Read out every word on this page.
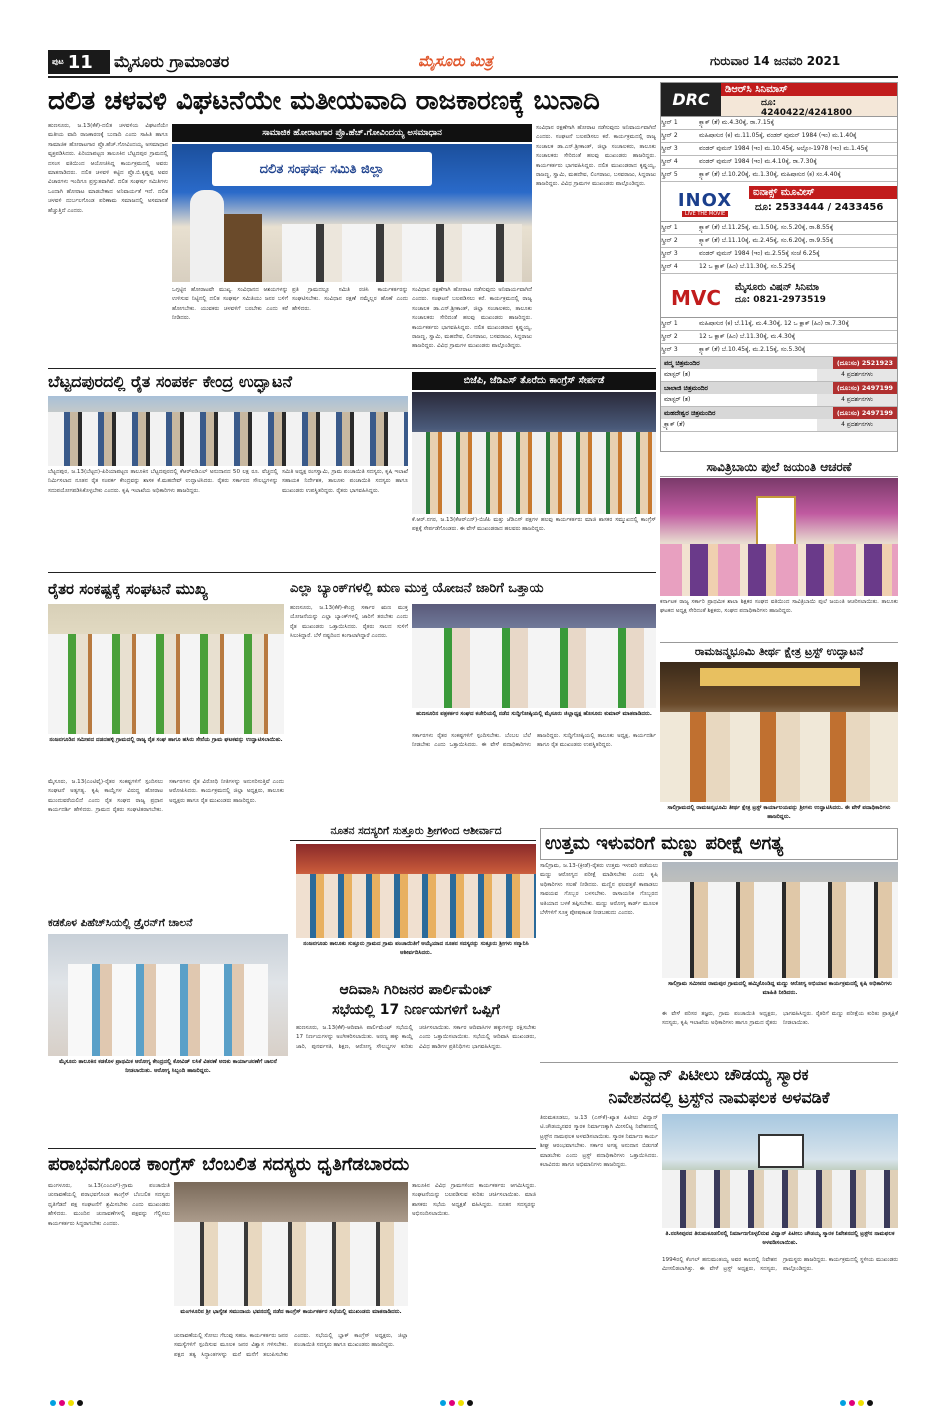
ಪುಟ 11 ಮೈಸೂರು ಗ್ರಾಮಾಂತರ	ಮೈಸೂರು ಮಿತ್ರ	ಗುರುವಾರ 14 ಜನವರಿ 2021
ದಲಿತ ಚಳವಳಿ ವಿಘಟನೆಯೇ ಮತೀಯವಾದಿ ರಾಜಕಾರಣಕ್ಕೆ ಬುನಾದಿ
ಸಾಮಾಜಿಕ ಹೋರಾಟಗಾರ ಪ್ರೊ.ಹೆಚ್.ಗೋವಿಂದಯ್ಯ ಅಸಮಾಧಾನ
ಹುಣಸೂರು, ಜ.13(ಕೆಕೆ)-ದಲಿತ ಚಳವಳಿಯ ವಿಘಟನೆಯೇ ಮತೀಯ ವಾದಿ ರಾಜಕಾರಣಕ್ಕೆ ಬುನಾದಿ ಎಂದು ಸಾಹಿತಿ ಹಾಗೂ ಸಾಮಾಜಿಕ ಹೋರಾಟಗಾರ ಪ್ರೊ.ಹೆಚ್.ಗೋವಿಂದಯ್ಯ ಅಸಮಾಧಾನ ವ್ಯಕ್ತಪಡಿಸಿದರು. ಪಿರಿಯಾಪಟ್ಟಣ ತಾಲೂಕಿನ ಬೆಟ್ಟದಪುರ ಗ್ರಾಮದಲ್ಲಿ ದಸಂಸ ವತಿಯಿಂದ ಆಯೋಜಿಸಿದ್ದ ಕಾರ್ಯಕ್ರಮದಲ್ಲಿ ಅವರು ಮಾತನಾಡಿದರು. ದಲಿತ ಚಳವಳಿ ಕಟ್ಟಿದ ಪ್ರೊ.ಬಿ.ಕೃಷ್ಣಪ್ಪ ಅವರ ವಿಚಾರಗಳು ಇಂದಿಗೂ ಪ್ರಸ್ತುತವಾಗಿವೆ. ದಲಿತ ಸಂಘರ್ಷ ಸಮಿತಿಗಳು ಒಂದಾಗಿ ಹೋರಾಟ ಮಾಡಬೇಕಾದ ಅನಿವಾರ್ಯತೆ ಇದೆ. ದಲಿತ ಚಳವಳಿ ದುರ್ಬಲಗೊಂಡ ಪರಿಣಾಮ ಸಮಾಜದಲ್ಲಿ ಅಸಮಾನತೆ ಹೆಚ್ಚುತ್ತಿದೆ ಎಂದರು.
ದಲಿತ ಸಂಘರ್ಷ ಸಮಿತಿ ಜಿಲ್ಲಾ
ಒಗ್ಗಟ್ಟಿನ ಹೋರಾಟವೇ ಮುಖ್ಯ. ಸಂವಿಧಾನದ ಆಶಯಗಳನ್ನು ಉಳಿಸುವ ನಿಟ್ಟಿನಲ್ಲಿ ದಲಿತ ಸಂಘರ್ಷ ಸಮಿತಿಯು ಜನರ ಬಳಿಗೆ ಹೋಗಬೇಕು. ಯುವಕರು ಚಳವಳಿಗೆ ಬರಬೇಕು ಎಂದು ಕರೆ ನೀಡಿದರು.
ಪ್ರತಿ ಗ್ರಾಮದಲ್ಲೂ ಸಮಿತಿ ರಚಿಸಿ ಕಾರ್ಯಕರ್ತರನ್ನು ಸಂಘಟಿಸಬೇಕು. ಸಂವಿಧಾನ ರಕ್ಷಣೆ ನಮ್ಮೆಲ್ಲರ ಹೊಣೆ ಎಂದು ಹೇಳಿದರು.
ಸಂವಿಧಾನ ರಕ್ಷಣೆಗಾಗಿ ಹೋರಾಟ ನಡೆಸುವುದು ಅನಿವಾರ್ಯವಾಗಿದೆ ಎಂದರು. ಸಂಘಟನೆ ಬಲಪಡಿಸಲು ಕರೆ. ಕಾರ್ಯಕ್ರಮದಲ್ಲಿ ರಾಜ್ಯ ಸಂಚಾಲಕ ಡಾ.ಎನ್.ಶ್ರೀಕಾಂತ್, ಜಿಲ್ಲಾ ಸಂಚಾಲಕರು, ತಾಲೂಕು ಸಂಚಾಲಕರು ಸೇರಿದಂತೆ ಹಲವು ಮುಖಂಡರು ಹಾಜರಿದ್ದರು. ಕಾರ್ಯಕರ್ತರು ಭಾಗವಹಿಸಿದ್ದರು. ದಲಿತ ಮುಖಂಡರಾದ ಕೃಷ್ಣಯ್ಯ, ರಾಜಣ್ಣ, ಸ್ವಾಮಿ, ಮಹದೇವ, ಲಿಂಗರಾಜು, ಬಸವರಾಜು, ಸಿದ್ದರಾಜು ಹಾಜರಿದ್ದರು. ವಿವಿಧ ಗ್ರಾಮಗಳ ಮುಖಂಡರು ಪಾಲ್ಗೊಂಡಿದ್ದರು.
ಸಂವಿಧಾನ ರಕ್ಷಣೆಗಾಗಿ ಹೋರಾಟ ನಡೆಸುವುದು ಅನಿವಾರ್ಯವಾಗಿದೆ ಎಂದರು. ಸಂಘಟನೆ ಬಲಪಡಿಸಲು ಕರೆ. ಕಾರ್ಯಕ್ರಮದಲ್ಲಿ ರಾಜ್ಯ ಸಂಚಾಲಕ ಡಾ.ಎನ್.ಶ್ರೀಕಾಂತ್, ಜಿಲ್ಲಾ ಸಂಚಾಲಕರು, ತಾಲೂಕು ಸಂಚಾಲಕರು ಸೇರಿದಂತೆ ಹಲವು ಮುಖಂಡರು ಹಾಜರಿದ್ದರು. ಕಾರ್ಯಕರ್ತರು ಭಾಗವಹಿಸಿದ್ದರು. ದಲಿತ ಮುಖಂಡರಾದ ಕೃಷ್ಣಯ್ಯ, ರಾಜಣ್ಣ, ಸ್ವಾಮಿ, ಮಹದೇವ, ಲಿಂಗರಾಜು, ಬಸವರಾಜು, ಸಿದ್ದರಾಜು ಹಾಜರಿದ್ದರು. ವಿವಿಧ ಗ್ರಾಮಗಳ ಮುಖಂಡರು ಪಾಲ್ಗೊಂಡಿದ್ದರು.
DRC
ಡಿಆರ್‌ಸಿ ಸಿನಿಮಾಸ್
ದೂ: 4240422/4241800
ಸ್ಕ್ರೀನ್ 1	ಕ್ರ್ಯಾಕ್ (ತೆ) ಮ.4.30ಕ್ಕೆ, ರಾ.7.15ಕ್ಕೆ
ಸ್ಕ್ರೀನ್ 2	ಮಹಿಷಾಸುರ (ಕ) ಮ.11.05ಕ್ಕೆ, ವಂಡರ್ ವುಮನ್ 1984 (ಇಂ) ಮ.1.40ಕ್ಕೆ
ಸ್ಕ್ರೀನ್ 3	ವಂಡರ್ ವುಮನ್ 1984 (ಇಂ) ಮ.10.45ಕ್ಕೆ, ಅಲ್ಲೋ-1978 (ಇಂ) ಮ.1.45ಕ್ಕೆ
ಸ್ಕ್ರೀನ್ 4	ವಂಡರ್ ವುಮನ್ 1984 (ಇಂ) ಮ.4.10ಕ್ಕೆ, ರಾ.7.30ಕ್ಕೆ
ಸ್ಕ್ರೀನ್ 5	ಕ್ರ್ಯಾಕ್ (ತೆ) ಬೆ.10.20ಕ್ಕೆ, ಮ.1.30ಕ್ಕೆ, ಮಹಿಷಾಸುರ (ಕ) ಸಂ.4.40ಕ್ಕೆ
INOX
LIVE THE MOVIE
ಐನಾಕ್ಸ್ ಮೂವೀಸ್
ದೂ: 2533444 / 2433456
ಸ್ಕ್ರೀನ್ 1	ಕ್ರ್ಯಾಕ್ (ತೆ) ಬೆ.11.25ಕ್ಕೆ, ಮ.1.50ಕ್ಕೆ, ಸಂ.5.20ಕ್ಕೆ, ರಾ.8.55ಕ್ಕೆ
ಸ್ಕ್ರೀನ್ 2	ಕ್ರ್ಯಾಕ್ (ತೆ) ಬೆ.11.10ಕ್ಕೆ, ಮ.2.45ಕ್ಕೆ, ಸಂ.6.20ಕ್ಕೆ, ರಾ.9.55ಕ್ಕೆ
ಸ್ಕ್ರೀನ್ 3	ವಂಡರ್ ವುಮನ್ 1984 (ಇಂ) ಮ.2.55ಕ್ಕೆ ಸಂಜೆ 6.25ಕ್ಕೆ
ಸ್ಕ್ರೀನ್ 4	12 ಒ ಕ್ಲಾಕ್ (ಹಿಂ) ಬೆ.11.30ಕ್ಕೆ, ಸಂ.5.25ಕ್ಕೆ
MVC	ಮೈಸೂರು ವಿಷನ್ ಸಿನಿಮಾ
ದೂ: 0821-2973519
ಸ್ಕ್ರೀನ್ 1	ಮಹಿಷಾಸುರ (ಕ) ಬೆ.11ಕ್ಕೆ, ಮ.4.30ಕ್ಕೆ, 12 ಒ ಕ್ಲಾಕ್ (ಹಿಂ) ರಾ.7.30ಕ್ಕೆ
ಸ್ಕ್ರೀನ್ 2	12 ಒ ಕ್ಲಾಕ್ (ಹಿಂ) ಬೆ.11.30ಕ್ಕೆ, ಮ.4.30ಕ್ಕೆ
ಸ್ಕ್ರೀನ್ 3	ಕ್ರ್ಯಾಕ್ (ತೆ) ಬೆ.10.45ಕ್ಕೆ, ಮ.2.15ಕ್ಕೆ, ಸಂ.5.30ಕ್ಕೆ
ಪದ್ಮ ಚಿತ್ರಮಂದಿರ	(ದೂ:ಸಂ) 2521923
ಮಾಸ್ಟರ್ (ತ)	4 ಪ್ರದರ್ಶನಗಳು
ಬಾಲಾಜಿ ಚಿತ್ರಮಂದಿರ	(ದೂ:ಸಂ) 2497199
ಮಾಸ್ಟರ್ (ತ)	4 ಪ್ರದರ್ಶನಗಳು
ಮಹದೇಶ್ವರ ಚಿತ್ರಮಂದಿರ	(ದೂ:ಸಂ) 2497199
ಕ್ರ್ಯಾಕ್ (ತೆ)	4 ಪ್ರದರ್ಶನಗಳು
ಸಾವಿತ್ರಿಬಾಯಿ ಪುಲೆ ಜಯಂತಿ ಆಚರಣೆ
ಕರ್ನಾಟಕ ರಾಜ್ಯ ಸರ್ಕಾರಿ ಪ್ರಾಥಮಿಕ ಶಾಲಾ ಶಿಕ್ಷಕರ ಸಂಘದ ವತಿಯಿಂದ ಸಾವಿತ್ರಿಬಾಯಿ ಪುಲೆ ಜಯಂತಿ ಆಚರಿಸಲಾಯಿತು. ತಾಲೂಕು ಘಟಕದ ಅಧ್ಯಕ್ಷ ಸೇರಿದಂತೆ ಶಿಕ್ಷಕರು, ಸಂಘದ ಪದಾಧಿಕಾರಿಗಳು ಹಾಜರಿದ್ದರು.
ರಾಮಜನ್ಮಭೂಮಿ ತೀರ್ಥ ಕ್ಷೇತ್ರ ಟ್ರಸ್ಟ್ ಉದ್ಘಾಟನೆ
ಸಾಲಿಗ್ರಾಮದಲ್ಲಿ ರಾಮಜನ್ಮಭೂಮಿ ತೀರ್ಥ ಕ್ಷೇತ್ರ ಟ್ರಸ್ಟ್ ಕಾರ್ಯಾಲಯವನ್ನು ಶ್ರೀಗಳು ಉದ್ಘಾಟಿಸಿದರು. ಈ ವೇಳೆ ಪದಾಧಿಕಾರಿಗಳು ಹಾಜರಿದ್ದರು.
ಬೆಟ್ಟದಪುರದಲ್ಲಿ ರೈತ ಸಂಪರ್ಕ ಕೇಂದ್ರ ಉದ್ಘಾಟನೆ
ಬೆಟ್ಟದಪುರ, ಜ.13(ಬೆಟ್ಟದ)-ಪಿರಿಯಾಪಟ್ಟಣ ತಾಲೂಕಿನ ಬೆಟ್ಟದಪುರದಲ್ಲಿ ಕೆಆರ್‌ಐಡಿಎಲ್ ಅನುದಾನದ 50 ಲಕ್ಷ ರೂ. ವೆಚ್ಚದಲ್ಲಿ ನಿರ್ಮಿಸಲಾದ ನೂತನ ರೈತ ಸಂಪರ್ಕ ಕೇಂದ್ರವನ್ನು ಶಾಸಕ ಕೆ.ಮಹದೇವ್ ಉದ್ಘಾಟಿಸಿದರು. ರೈತರು ಸರ್ಕಾರದ ಸೌಲಭ್ಯಗಳನ್ನು ಸದುಪಯೋಗಪಡಿಸಿಕೊಳ್ಳಬೇಕು ಎಂದರು. ಕೃಷಿ ಇಲಾಖೆಯ ಅಧಿಕಾರಿಗಳು ಹಾಜರಿದ್ದರು.
ಸಮಿತಿ ಅಧ್ಯಕ್ಷ ರಂಗಸ್ವಾಮಿ, ಗ್ರಾಮ ಪಂಚಾಯಿತಿ ಸದಸ್ಯರು, ಕೃಷಿ ಇಲಾಖೆ ಸಹಾಯಕ ನಿರ್ದೇಶಕ, ತಾಲೂಕು ಪಂಚಾಯಿತಿ ಸದಸ್ಯರು ಹಾಗೂ ಮುಖಂಡರು ಉಪಸ್ಥಿತರಿದ್ದರು. ರೈತರು ಭಾಗವಹಿಸಿದ್ದರು.
ಬಿಜೆಪಿ, ಜೆಡಿಎಸ್ ತೊರೆದು ಕಾಂಗ್ರೆಸ್ ಸೇರ್ಪಡೆ
ಕೆ.ಆರ್.ನಗರ, ಜ.13(ಕೆಆರ್‌ಎನ್)-ಬಿಜೆಪಿ ಮತ್ತು ಜೆಡಿಎಸ್ ಪಕ್ಷಗಳ ಹಲವು ಕಾರ್ಯಕರ್ತರು ಮಾಜಿ ಶಾಸಕರ ಸಮ್ಮುಖದಲ್ಲಿ ಕಾಂಗ್ರೆಸ್ ಪಕ್ಷಕ್ಕೆ ಸೇರ್ಪಡೆಗೊಂಡರು. ಈ ವೇಳೆ ಮುಖಂಡರಾದ ಹಲವರು ಹಾಜರಿದ್ದರು.
ರೈತರ ಸಂಕಷ್ಟಕ್ಕೆ ಸಂಘಟನೆ ಮುಖ್ಯ
ನಂಜನಗೂಡಿನ ಸಮೀಪದ ದಡದಹಳ್ಳಿ ಗ್ರಾಮದಲ್ಲಿ ರಾಜ್ಯ ರೈತ ಸಂಘ ಹಾಗೂ ಹಸಿರು ಸೇನೆಯ ಗ್ರಾಮ ಘಟಕವನ್ನು ಉದ್ಘಾಟಿಸಲಾಯಿತು.
ಮೈಸೂರು, ಜ.13(ಎಂಟಿವೈ)-ರೈತರ ಸಂಕಷ್ಟಗಳಿಗೆ ಸ್ಪಂದಿಸಲು ಸಂಘಟನೆ ಅತ್ಯಗತ್ಯ. ಕೃಷಿ ಕಾಯ್ದೆಗಳ ವಿರುದ್ಧ ಹೋರಾಟ ಮುಂದುವರೆಯಲಿದೆ ಎಂದು ರೈತ ಸಂಘದ ರಾಜ್ಯ ಪ್ರಧಾನ ಕಾರ್ಯದರ್ಶಿ ಹೇಳಿದರು. ಗ್ರಾಮದ ರೈತರು ಸಂಘಟಿತರಾಗಬೇಕು. ಸರ್ಕಾರಗಳು ರೈತ ವಿರೋಧಿ ನೀತಿಗಳನ್ನು ಅನುಸರಿಸುತ್ತಿವೆ ಎಂದು ಆರೋಪಿಸಿದರು. ಕಾರ್ಯಕ್ರಮದಲ್ಲಿ ಜಿಲ್ಲಾ ಅಧ್ಯಕ್ಷರು, ತಾಲೂಕು ಅಧ್ಯಕ್ಷರು ಹಾಗೂ ರೈತ ಮುಖಂಡರು ಹಾಜರಿದ್ದರು.
ಎಲ್ಲಾ ಬ್ಯಾಂಕ್‌ಗಳಲ್ಲಿ ಋಣ ಮುಕ್ತ ಯೋಜನೆ ಜಾರಿಗೆ ಒತ್ತಾಯ
ಹುಣಸೂರು, ಜ.13(ಕೆಕೆ)-ಕೇಂದ್ರ ಸರ್ಕಾರ ಋಣ ಮುಕ್ತ ಯೋಜನೆಯನ್ನು ಎಲ್ಲಾ ಬ್ಯಾಂಕ್‌ಗಳಲ್ಲಿ ಜಾರಿಗೆ ತರಬೇಕು ಎಂದು ರೈತ ಮುಖಂಡರು ಒತ್ತಾಯಿಸಿದರು. ರೈತರು ಸಾಲದ ಸುಳಿಗೆ ಸಿಲುಕಿದ್ದಾರೆ. ಬೆಳೆ ನಷ್ಟದಿಂದ ಕಂಗಾಲಾಗಿದ್ದಾರೆ ಎಂದರು.
ಹುಣಸೂರಿನ ಪತ್ರಕರ್ತರ ಸಂಘದ ಕಚೇರಿಯಲ್ಲಿ ನಡೆದ ಸುದ್ದಿಗೋಷ್ಠಿಯಲ್ಲಿ ಮೈಸೂರು ಜಿಲ್ಲಾಧ್ಯಕ್ಷ ಹೊಸೂರು ಕುಮಾರ್ ಮಾತನಾಡಿದರು.
ಸರ್ಕಾರಗಳು ರೈತರ ಸಂಕಷ್ಟಗಳಿಗೆ ಸ್ಪಂದಿಸಬೇಕು. ಬೆಂಬಲ ಬೆಲೆ ನೀಡಬೇಕು ಎಂದು ಒತ್ತಾಯಿಸಿದರು. ಈ ವೇಳೆ ಪದಾಧಿಕಾರಿಗಳು ಹಾಜರಿದ್ದರು. ಸುದ್ದಿಗೋಷ್ಠಿಯಲ್ಲಿ ತಾಲೂಕು ಅಧ್ಯಕ್ಷ, ಕಾರ್ಯದರ್ಶಿ ಹಾಗೂ ರೈತ ಮುಖಂಡರು ಉಪಸ್ಥಿತರಿದ್ದರು.
ನೂತನ ಸದಸ್ಯರಿಗೆ ಸುತ್ತೂರು ಶ್ರೀಗಳಿಂದ ಆಶೀರ್ವಾದ
ನಂಜನಗೂಡು ತಾಲೂಕು ಸುತ್ತೂರು ಗ್ರಾಮದ ಗ್ರಾಮ ಪಂಚಾಯಿತಿಗೆ ಆಯ್ಕೆಯಾದ ನೂತನ ಸದಸ್ಯರನ್ನು ಸುತ್ತೂರು ಶ್ರೀಗಳು ಸನ್ಮಾನಿಸಿ ಆಶೀರ್ವದಿಸಿದರು.
ಆದಿವಾಸಿ ಗಿರಿಜನರ ಪಾರ್ಲಿಮೆಂಟ್
ಸಭೆಯಲ್ಲಿ 17 ನಿರ್ಣಯಗಳಿಗೆ ಒಪ್ಪಿಗೆ
ಹುಣಸೂರು, ಜ.13(ಕೆಕೆ)-ಆದಿವಾಸಿ ಪಾರ್ಲಿಮೆಂಟ್ ಸಭೆಯಲ್ಲಿ 17 ನಿರ್ಣಯಗಳನ್ನು ಅಂಗೀಕರಿಸಲಾಯಿತು. ಅರಣ್ಯ ಹಕ್ಕು ಕಾಯ್ದೆ ಜಾರಿ, ಪುನರ್ವಸತಿ, ಶಿಕ್ಷಣ, ಆರೋಗ್ಯ ಸೌಲಭ್ಯಗಳ ಕುರಿತು ಚರ್ಚಿಸಲಾಯಿತು. ಸರ್ಕಾರ ಆದಿವಾಸಿಗಳ ಹಕ್ಕುಗಳನ್ನು ರಕ್ಷಿಸಬೇಕು ಎಂದು ಒತ್ತಾಯಿಸಲಾಯಿತು. ಸಭೆಯಲ್ಲಿ ಆದಿವಾಸಿ ಮುಖಂಡರು, ವಿವಿಧ ಹಾಡಿಗಳ ಪ್ರತಿನಿಧಿಗಳು ಭಾಗವಹಿಸಿದ್ದರು.
ಕಡಕೊಳ ಪಿಹೆಚ್‌ಸಿಯಲ್ಲಿ ಡ್ರೈರನ್‌ಗೆ ಚಾಲನೆ
ಮೈಸೂರು ತಾಲೂಕಿನ ಕಡಕೊಳ ಪ್ರಾಥಮಿಕ ಆರೋಗ್ಯ ಕೇಂದ್ರದಲ್ಲಿ ಕೋವಿಡ್ ಲಸಿಕೆ ವಿತರಣೆ ಅಣಕು ಕಾರ್ಯಾಚರಣೆಗೆ ಚಾಲನೆ ನೀಡಲಾಯಿತು. ಆರೋಗ್ಯ ಸಿಬ್ಬಂದಿ ಹಾಜರಿದ್ದರು.
ಉತ್ತಮ ಇಳುವರಿಗೆ ಮಣ್ಣು ಪರೀಕ್ಷೆ ಅಗತ್ಯ
ಸಾಲಿಗ್ರಾಮ, ಜ.13-(ಕ್ರೀಡೆ)-ರೈತರು ಉತ್ತಮ ಇಳುವರಿ ಪಡೆಯಲು ಮಣ್ಣು ಆರೋಗ್ಯದ ಪರೀಕ್ಷೆ ಮಾಡಿಸಬೇಕು ಎಂದು ಕೃಷಿ ಅಧಿಕಾರಿಗಳು ಸಲಹೆ ನೀಡಿದರು. ಮಣ್ಣಿನ ಫಲವತ್ತತೆ ಕಾಪಾಡಲು ಸಾವಯವ ಗೊಬ್ಬರ ಬಳಸಬೇಕು. ರಾಸಾಯನಿಕ ಗೊಬ್ಬರದ ಅತಿಯಾದ ಬಳಕೆ ತಪ್ಪಿಸಬೇಕು. ಮಣ್ಣು ಆರೋಗ್ಯ ಕಾರ್ಡ್ ಮೂಲಕ ಬೆಳೆಗಳಿಗೆ ಸೂಕ್ತ ಪೋಷಕಾಂಶ ನೀಡಬಹುದು ಎಂದರು.
ಸಾಲಿಗ್ರಾಮ ಸಮೀಪದ ರಾಮಪುರ ಗ್ರಾಮದಲ್ಲಿ ಹಮ್ಮಿಕೊಂಡಿದ್ದ ಮಣ್ಣು ಆರೋಗ್ಯ ಅಭಿಯಾನ ಕಾರ್ಯಕ್ರಮದಲ್ಲಿ ಕೃಷಿ ಅಧಿಕಾರಿಗಳು ಮಾಹಿತಿ ನೀಡಿದರು.
ಈ ವೇಳೆ ಪರಿಸರ ತಜ್ಞರು, ಗ್ರಾಮ ಪಂಚಾಯಿತಿ ಅಧ್ಯಕ್ಷರು, ಸದಸ್ಯರು, ಕೃಷಿ ಇಲಾಖೆಯ ಅಧಿಕಾರಿಗಳು ಹಾಗೂ ಗ್ರಾಮದ ರೈತರು ಭಾಗವಹಿಸಿದ್ದರು. ರೈತರಿಗೆ ಮಣ್ಣು ಪರೀಕ್ಷೆಯ ಕುರಿತು ಪ್ರಾತ್ಯಕ್ಷಿಕೆ ನೀಡಲಾಯಿತು.
ವಿದ್ವಾನ್ ಪಿಟೀಲು ಚೌಡಯ್ಯ ಸ್ಮಾರಕ
ನಿವೇಶನದಲ್ಲಿ ಟ್ರಸ್ಟ್‌ನ ನಾಮಫಲಕ ಅಳವಡಿಕೆ
ತಿರುಮಕೂಡಲು, ಜ.13 (ಎಸ್‌ಕೆ)-ಖ್ಯಾತ ಪಿಟೀಲು ವಿದ್ವಾನ್ ಟಿ.ಚೌಡಯ್ಯನವರ ಸ್ಮಾರಕ ನಿರ್ಮಾಣಕ್ಕಾಗಿ ಮೀಸಲಿಟ್ಟ ನಿವೇಶನದಲ್ಲಿ ಟ್ರಸ್ಟ್‌ನ ನಾಮಫಲಕ ಅಳವಡಿಸಲಾಯಿತು. ಸ್ಮಾರಕ ನಿರ್ಮಾಣ ಕಾರ್ಯ ಶೀಘ್ರ ಆರಂಭವಾಗಬೇಕು. ಸರ್ಕಾರ ಅಗತ್ಯ ಅನುದಾನ ಬಿಡುಗಡೆ ಮಾಡಬೇಕು ಎಂದು ಟ್ರಸ್ಟ್ ಪದಾಧಿಕಾರಿಗಳು ಒತ್ತಾಯಿಸಿದರು. ಕಲಾವಿದರು ಹಾಗೂ ಅಭಿಮಾನಿಗಳು ಹಾಜರಿದ್ದರು.
ತಿ.ನರಸೀಪುರದ ತಿರುಮಕೂಡಲಿನಲ್ಲಿ ನಿರ್ಮಾಣಗೊಳ್ಳಲಿರುವ ವಿದ್ವಾನ್ ಪಿಟೀಲು ಚೌಡಯ್ಯ ಸ್ಮಾರಕ ನಿವೇಶನದಲ್ಲಿ ಟ್ರಸ್ಟ್‌ನ ನಾಮಫಲಕ ಅಳವಡಿಸಲಾಯಿತು.
1994ರಲ್ಲಿ ಕೆಂಗಲ್ ಹನುಮಂತಯ್ಯ ಅವರ ಕಾಲದಲ್ಲಿ ನಿವೇಶನ ಮೀಸಲಿಡಲಾಗಿತ್ತು. ಈ ವೇಳೆ ಟ್ರಸ್ಟ್ ಅಧ್ಯಕ್ಷರು, ಸದಸ್ಯರು, ಗ್ರಾಮಸ್ಥರು ಹಾಜರಿದ್ದರು. ಕಾರ್ಯಕ್ರಮದಲ್ಲಿ ಸ್ಥಳೀಯ ಮುಖಂಡರು ಪಾಲ್ಗೊಂಡಿದ್ದರು.
ಪರಾಭವಗೊಂಡ ಕಾಂಗ್ರೆಸ್ ಬೆಂಬಲಿತ ಸದಸ್ಯರು ಧೃತಿಗೆಡಬಾರದು
ಮಂಗಳೂರು, ಜ.13(ಎಂಎಲ್)-ಗ್ರಾಮ ಪಂಚಾಯಿತಿ ಚುನಾವಣೆಯಲ್ಲಿ ಪರಾಭವಗೊಂಡ ಕಾಂಗ್ರೆಸ್ ಬೆಂಬಲಿತ ಸದಸ್ಯರು ಧೃತಿಗೆಡದೆ ಪಕ್ಷ ಸಂಘಟನೆಗೆ ಶ್ರಮಿಸಬೇಕು ಎಂದು ಮುಖಂಡರು ಹೇಳಿದರು. ಮುಂದಿನ ಚುನಾವಣೆಗಳಲ್ಲಿ ಪಕ್ಷವನ್ನು ಗೆಲ್ಲಿಸಲು ಕಾರ್ಯಕರ್ತರು ಸಿದ್ಧರಾಗಬೇಕು ಎಂದರು.
ಮಂಗಳೂರಿನ ಶ್ರೀ ಭಾಗ್ಯೇಶ ಸಮುದಾಯ ಭವನದಲ್ಲಿ ನಡೆದ ಕಾಂಗ್ರೆಸ್ ಕಾರ್ಯಕರ್ತರ ಸಭೆಯಲ್ಲಿ ಮುಖಂಡರು ಮಾತನಾಡಿದರು.
ಚುನಾವಣೆಯಲ್ಲಿ ಸೋಲು ಗೆಲುವು ಸಹಜ. ಕಾರ್ಯಕರ್ತರು ಜನರ ಸಮಸ್ಯೆಗಳಿಗೆ ಸ್ಪಂದಿಸುವ ಮೂಲಕ ಜನರ ವಿಶ್ವಾಸ ಗಳಿಸಬೇಕು. ಪಕ್ಷದ ತತ್ವ ಸಿದ್ಧಾಂತಗಳನ್ನು ಮನೆ ಮನೆಗೆ ತಲುಪಿಸಬೇಕು ಎಂದರು. ಸಭೆಯಲ್ಲಿ ಬ್ಲಾಕ್ ಕಾಂಗ್ರೆಸ್ ಅಧ್ಯಕ್ಷರು, ಜಿಲ್ಲಾ ಪಂಚಾಯಿತಿ ಸದಸ್ಯರು ಹಾಗೂ ಮುಖಂಡರು ಹಾಜರಿದ್ದರು.
ತಾಲೂಕಿನ ವಿವಿಧ ಗ್ರಾಮಗಳಿಂದ ಕಾರ್ಯಕರ್ತರು ಆಗಮಿಸಿದ್ದರು. ಸಂಘಟನೆಯನ್ನು ಬಲಪಡಿಸುವ ಕುರಿತು ಚರ್ಚಿಸಲಾಯಿತು. ಮಾಜಿ ಶಾಸಕರು ಸಭೆಯ ಅಧ್ಯಕ್ಷತೆ ವಹಿಸಿದ್ದರು. ನೂತನ ಸದಸ್ಯರನ್ನು ಅಭಿನಂದಿಸಲಾಯಿತು.
